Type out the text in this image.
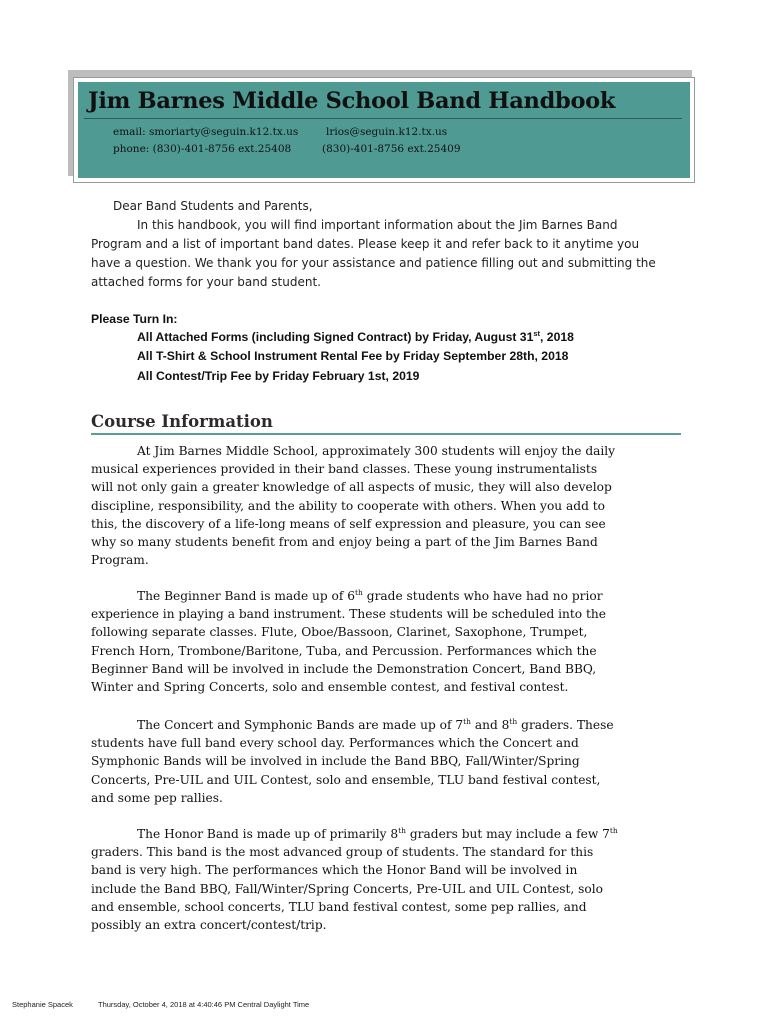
Jim Barnes Middle School Band Handbook
email: smoriarty@seguin.k12.tx.us	lrios@seguin.k12.tx.us
phone: (830)-401-8756 ext.25408	(830)-401-8756 ext.25409
Dear Band Students and Parents,
In this handbook, you will find important information about the Jim Barnes Band
Program and a list of important band dates. Please keep it and refer back to it anytime you
have a question. We thank you for your assistance and patience filling out and submitting the
attached forms for your band student.
Please Turn In:
All Attached Forms (including Signed Contract) by Friday, August 31st, 2018
All T-Shirt & School Instrument Rental Fee by Friday September 28th, 2018
All Contest/Trip Fee by Friday February 1st, 2019
Course Information
At Jim Barnes Middle School, approximately 300 students will enjoy the daily
musical experiences provided in their band classes. These young instrumentalists
will not only gain a greater knowledge of all aspects of music, they will also develop
discipline, responsibility, and the ability to cooperate with others. When you add to
this, the discovery of a life-long means of self expression and pleasure, you can see
why so many students benefit from and enjoy being a part of the Jim Barnes Band
Program.
The Beginner Band is made up of 6th grade students who have had no prior
experience in playing a band instrument. These students will be scheduled into the
following separate classes. Flute, Oboe/Bassoon, Clarinet, Saxophone, Trumpet,
French Horn, Trombone/Baritone, Tuba, and Percussion. Performances which the
Beginner Band will be involved in include the Demonstration Concert, Band BBQ,
Winter and Spring Concerts, solo and ensemble contest, and festival contest.
The Concert and Symphonic Bands are made up of 7th and 8th graders. These
students have full band every school day. Performances which the Concert and
Symphonic Bands will be involved in include the Band BBQ, Fall/Winter/Spring
Concerts, Pre-UIL and UIL Contest, solo and ensemble, TLU band festival contest,
and some pep rallies.
The Honor Band is made up of primarily 8th graders but may include a few 7th
graders. This band is the most advanced group of students. The standard for this
band is very high. The performances which the Honor Band will be involved in
include the Band BBQ, Fall/Winter/Spring Concerts, Pre-UIL and UIL Contest, solo
and ensemble, school concerts, TLU band festival contest, some pep rallies, and
possibly an extra concert/contest/trip.
Stephanie Spacek	Thursday, October 4, 2018 at 4:40:46 PM Central Daylight Time
